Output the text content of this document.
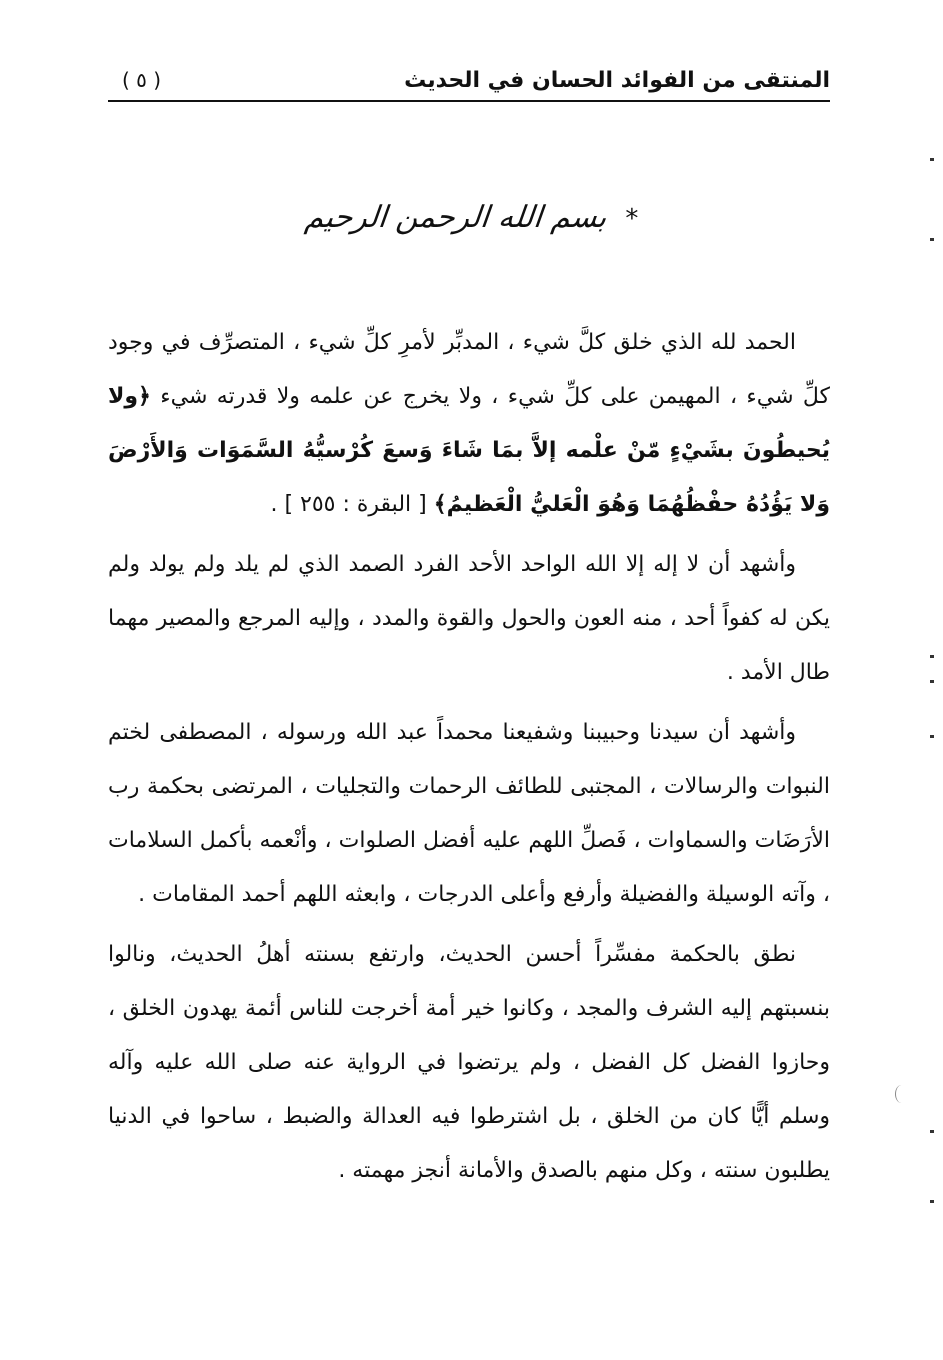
المنتقى من الفوائد الحسان في الحديث
( ٥ )
* بسم الله الرحمن الرحيم

الحمد لله الذي خلق كلَّ شيء ، المدبِّر لأمرِ كلِّ شيء ، المتصرِّف في وجود كلِّ شيء ، المهيمن على كلِّ شيء ، ولا يخرج عن علمه ولا قدرته شيء ﴿ولا يُحيطُونَ بشَيْءٍ مّنْ علْمه إلاَّ بمَا شَاءَ وَسعَ كُرْسيُّهُ السَّمَوَات وَالأَرْضَ وَلا يَؤُدُهُ حفْظُهُمَا وَهُوَ الْعَليُّ الْعَظيمُ﴾ [ البقرة : ٢٥٥ ] .

وأشهد أن لا إله إلا الله الواحد الأحد الفرد الصمد الذي لم يلد ولم يولد ولم يكن له كفواً أحد ، منه العون والحول والقوة والمدد ، وإليه المرجع والمصير مهما طال الأمد .

وأشهد أن سيدنا وحبيبنا وشفيعنا محمداً عبد الله ورسوله ، المصطفى لختم النبوات والرسالات ، المجتبى للطائف الرحمات والتجليات ، المرتضى بحكمة رب الأرَضَات والسماوات ، فَصلِّ اللهم عليه أفضل الصلوات ، وأنْعمه بأكمل السلامات ، وآته الوسيلة والفضيلة وأرفع وأعلى الدرجات ، وابعثه اللهم أحمد المقامات .

نطق بالحكمة مفسِّراً أحسن الحديث، وارتفع بسنته أهلُ الحديث، ونالوا بنسبتهم إليه الشرف والمجد ، وكانوا خير أمة أخرجت للناس أئمة يهدون الخلق ، وحازوا الفضل كل الفضل ، ولم يرتضوا في الرواية عنه صلى الله عليه وآله وسلم أيًّا كان من الخلق ، بل اشترطوا فيه العدالة والضبط ، ساحوا في الدنيا يطلبون سنته ، وكل منهم بالصدق والأمانة أنجز مهمته .
